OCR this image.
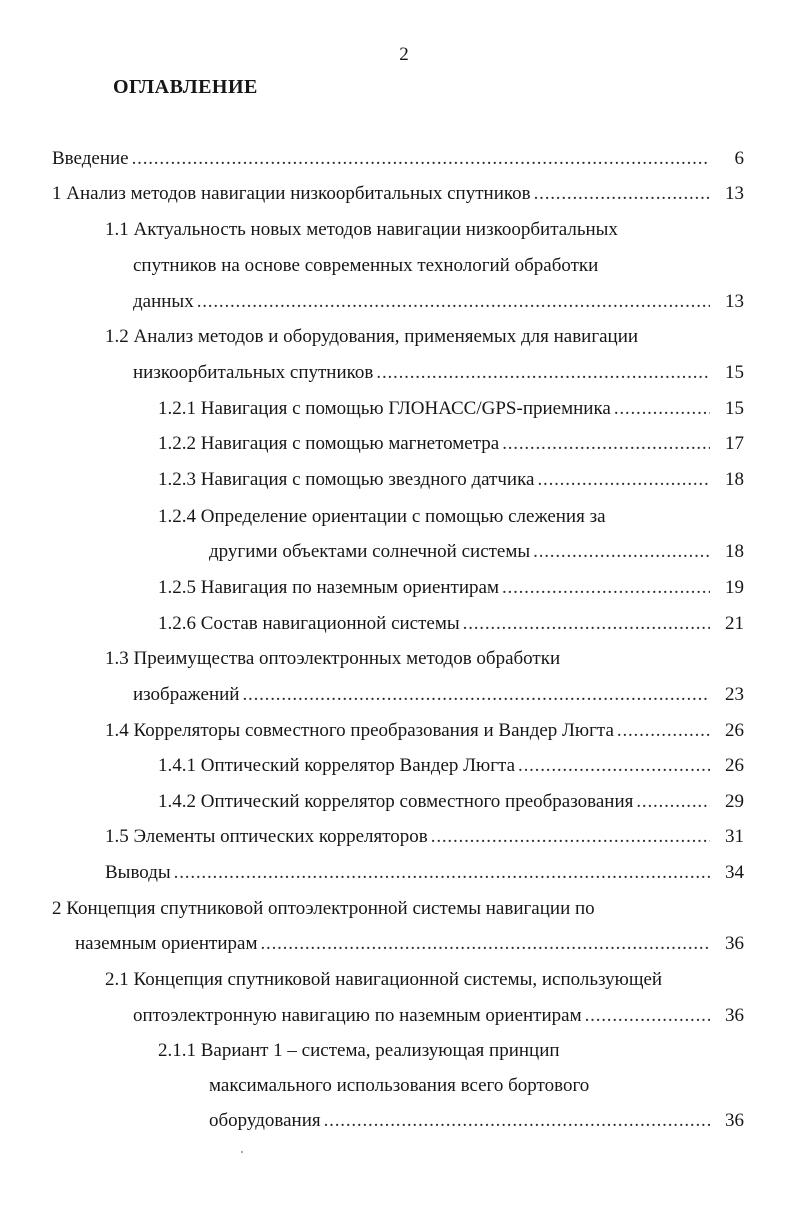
2
ОГЛАВЛЕНИЕ
Введение .....	6
1 Анализ методов навигации низкоорбитальных спутников .....	13
1.1 Актуальность новых методов навигации низкоорбитальных
спутников на основе современных технологий обработки
данных .....	13
1.2 Анализ методов и оборудования, применяемых для навигации
низкоорбитальных спутников .....	15
1.2.1 Навигация с помощью ГЛОНАСС/GPS-приемника .....	15
1.2.2 Навигация с помощью магнетометра .....	17
1.2.3 Навигация с помощью звездного датчика .....	18
1.2.4 Определение ориентации с помощью слежения за
другими объектами солнечной системы .....	18
1.2.5 Навигация по наземным ориентирам .....	19
1.2.6 Состав навигационной системы .....	21
1.3 Преимущества оптоэлектронных методов обработки
изображений .....	23
1.4 Корреляторы совместного преобразования и Вандер Люгта .....	26
1.4.1 Оптический коррелятор Вандер Люгта .....	26
1.4.2 Оптический коррелятор совместного преобразования .....	29
1.5 Элементы оптических корреляторов .....	31
Выводы .....	34
2 Концепция спутниковой оптоэлектронной системы навигации по
наземным ориентирам .....	36
2.1 Концепция спутниковой навигационной системы, использующей
оптоэлектронную навигацию по наземным ориентирам .....	36
2.1.1 Вариант 1 – система, реализующая принцип
максимального использования всего бортового
оборудования .....	36
